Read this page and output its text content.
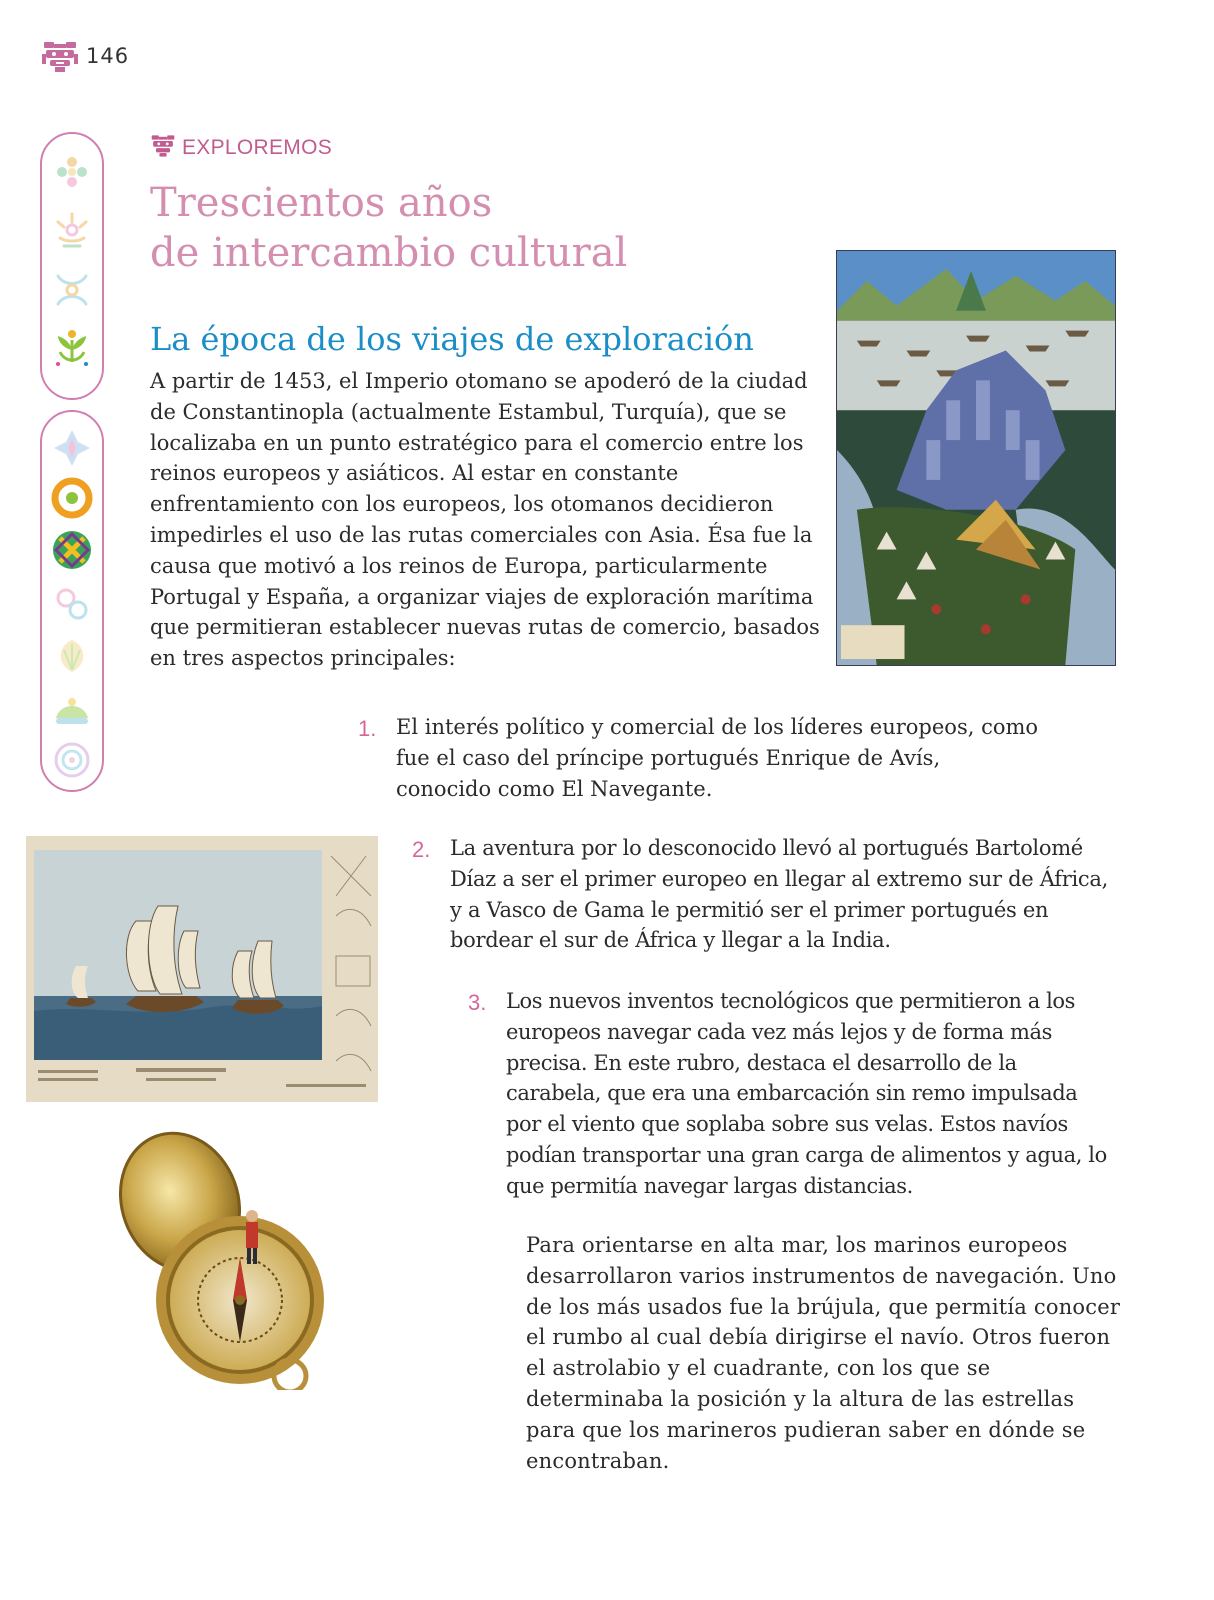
146
EXPLOREMOS
Trescientos años
de intercambio cultural
La época de los viajes de exploración

A partir de 1453, el Imperio otomano se apoderó de la ciudad de Constantinopla (actualmente Estambul, Turquía), que se localizaba en un punto estratégico para el comercio entre los reinos europeos y asiáticos. Al estar en constante enfrentamiento con los europeos, los otomanos decidieron impedirles el uso de las rutas comerciales con Asia. Ésa fue la causa que motivó a los reinos de Europa, particularmente Portugal y España, a organizar viajes de exploración marítima que permitieran establecer nuevas rutas de comercio, basados en tres aspectos principales:

1. El interés político y comercial de los líderes europeos, como fue el caso del príncipe portugués Enrique de Avís, conocido como El Navegante.

2. La aventura por lo desconocido llevó al portugués Bartolomé Díaz a ser el primer europeo en llegar al extremo sur de África, y a Vasco de Gama le permitió ser el primer portugués en bordear el sur de África y llegar a la India.

3. Los nuevos inventos tecnológicos que permitieron a los europeos navegar cada vez más lejos y de forma más precisa. En este rubro, destaca el desarrollo de la carabela, que era una embarcación sin remo impulsada por el viento que soplaba sobre sus velas. Estos navíos podían transportar una gran carga de alimentos y agua, lo que permitía navegar largas distancias.

Para orientarse en alta mar, los marinos europeos desarrollaron varios instrumentos de navegación. Uno de los más usados fue la brújula, que permitía conocer el rumbo al cual debía dirigirse el navío. Otros fueron el astrolabio y el cuadrante, con los que se determinaba la posición y la altura de las estrellas para que los marineros pudieran saber en dónde se encontraban.
